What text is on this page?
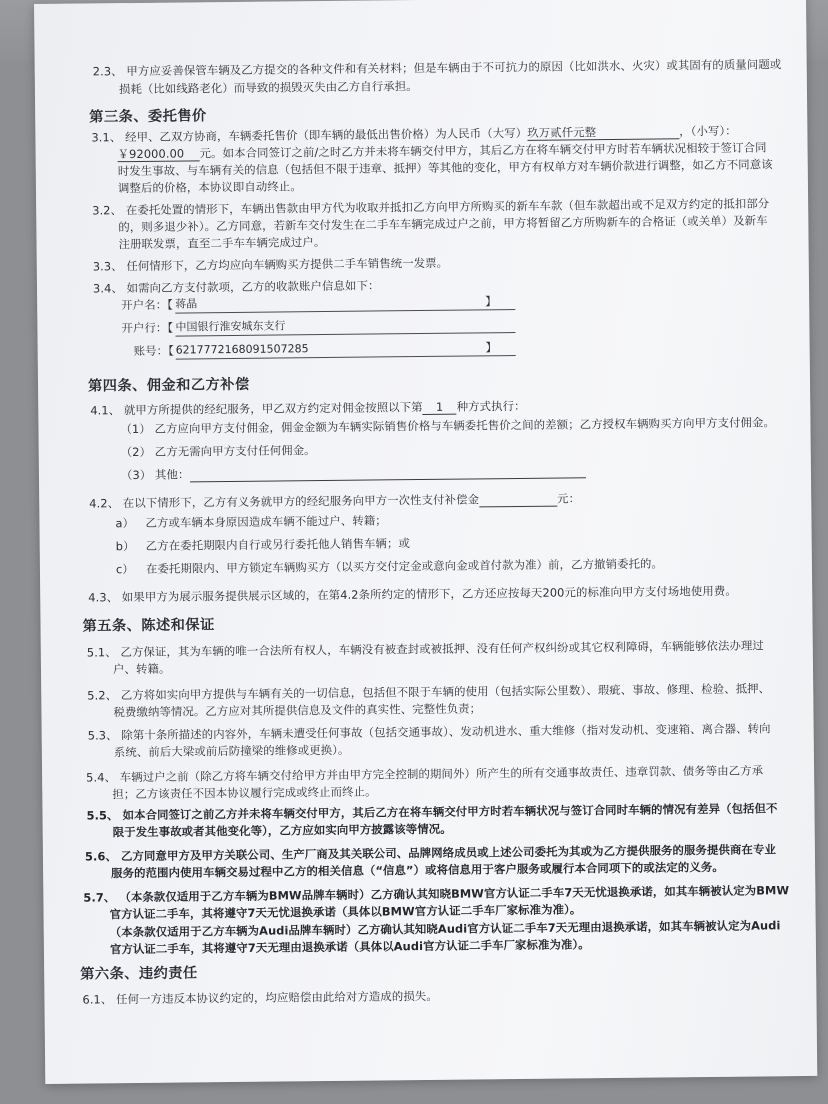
2.3、 甲方应妥善保管车辆及乙方提交的各种文件和有关材料；但是车辆由于不可抗力的原因（比如洪水、火灾）或其固有的质量问题或
损耗（比如线路老化）而导致的损毁灭失由乙方自行承担。
第三条、委托售价
3.1、 经甲、乙双方协商，车辆委托售价（即车辆的最低出售价格）为人民币（大写）玖万贰仟元整	，（小写）：
￥92000.00 元。如本合同签订之前/之时乙方并未将车辆交付甲方，其后乙方在将车辆交付甲方时若车辆状况相较于签订合同
时发生事故、与车辆有关的信息（包括但不限于违章、抵押）等其他的变化，甲方有权单方对车辆价款进行调整，如乙方不同意该
调整后的价格，本协议即自动终止。
3.2、 在委托处置的情形下，车辆出售款由甲方代为收取并抵扣乙方向甲方所购买的新车车款（但车款超出或不足双方约定的抵扣部分
的，则多退少补）。乙方同意，若新车交付发生在二手车车辆完成过户之前，甲方将暂留乙方所购新车的合格证（或关单）及新车
注册联发票，直至二手车车辆完成过户。
3.3、 任何情形下，乙方均应向车辆购买方提供二手车销售统一发票。
3.4、 如需向乙方支付款项，乙方的收款账户信息如下：
开户名：【 蒋晶	】
开户行：【 中国银行淮安城东支行
账号：【 6217772168091507285	】
第四条、佣金和乙方补偿
4.1、 就甲方所提供的经纪服务，甲乙双方约定对佣金按照以下第 1 种方式执行：
（1） 乙方应向甲方支付佣金，佣金金额为车辆实际销售价格与车辆委托售价之间的差额；乙方授权车辆购买方向甲方支付佣金。
（2） 乙方无需向甲方支付任何佣金。
（3） 其他：
4.2、 在以下情形下，乙方有义务就甲方的经纪服务向甲方一次性支付补偿金	元：
a） 乙方或车辆本身原因造成车辆不能过户、转籍；
b） 乙方在委托期限内自行或另行委托他人销售车辆；或
c） 在委托期限内、甲方锁定车辆购买方（以买方交付定金或意向金或首付款为准）前，乙方撤销委托的。
4.3、 如果甲方为展示服务提供展示区域的，在第4.2条所约定的情形下，乙方还应按每天200元的标准向甲方支付场地使用费。
第五条、陈述和保证
5.1、 乙方保证，其为车辆的唯一合法所有权人，车辆没有被查封或被抵押、没有任何产权纠纷或其它权利障碍，车辆能够依法办理过
户、转籍。
5.2、 乙方将如实向甲方提供与车辆有关的一切信息，包括但不限于车辆的使用（包括实际公里数）、瑕疵、事故、修理、检验、抵押、
税费缴纳等情况。乙方应对其所提供信息及文件的真实性、完整性负责；
5.3、 除第十条所描述的内容外，车辆未遭受任何事故（包括交通事故）、发动机进水、重大维修（指对发动机、变速箱、离合器、转向
系统、前后大梁或前后防撞梁的维修或更换）。
5.4、 车辆过户之前（除乙方将车辆交付给甲方并由甲方完全控制的期间外）所产生的所有交通事故责任、违章罚款、债务等由乙方承
担；乙方该责任不因本协议履行完成或终止而终止。
5.5、 如本合同签订之前乙方并未将车辆交付甲方，其后乙方在将车辆交付甲方时若车辆状况与签订合同时车辆的情况有差异（包括但不
限于发生事故或者其他变化等），乙方应如实向甲方披露该等情况。
5.6、 乙方同意甲方及甲方关联公司、生产厂商及其关联公司、品牌网络成员或上述公司委托为其或为乙方提供服务的服务提供商在专业
服务的范围内使用车辆交易过程中乙方的相关信息（“信息”）或将信息用于客户服务或履行本合同项下的或法定的义务。
5.7、 （本条款仅适用于乙方车辆为BMW品牌车辆时）乙方确认其知晓BMW官方认证二手车7天无忧退换承诺，如其车辆被认定为BMW
官方认证二手车，其将遵守7天无忧退换承诺（具体以BMW官方认证二手车厂家标准为准）。
（本条款仅适用于乙方车辆为Audi品牌车辆时）乙方确认其知晓Audi官方认证二手车7天无理由退换承诺，如其车辆被认定为Audi
官方认证二手车，其将遵守7天无理由退换承诺（具体以Audi官方认证二手车厂家标准为准）。
第六条、违约责任
6.1、 任何一方违反本协议约定的，均应赔偿由此给对方造成的损失。
